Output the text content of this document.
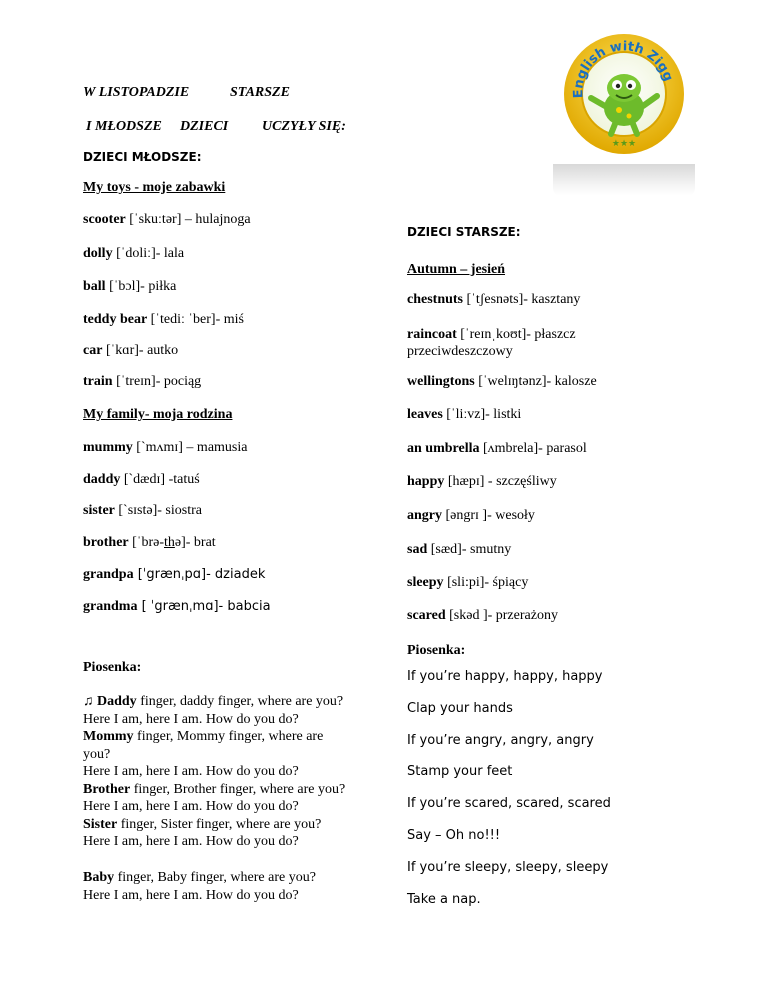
W LISTOPADZIE	STARSZE
I MŁODSZE DZIECI UCZYŁY SIĘ:
English with Zigg
★★★
DZIECI MŁODSZE:
My toys - moje zabawki
scooter [ˈskuːtər] – hulajnoga
dolly [ˈdoliː]- lala
ball [ˈbɔl]- piłka
teddy bear [ˈtediː ˈber]- miś
car [ˈkɑr]- autko
train [ˈtreɪn]- pociąg
My family- moja rodzina
mummy [`mʌmɪ] – mamusia
daddy [`dædɪ] -tatuś
sister [`sɪstə]- siostra
brother [ˈbrə-thə]- brat
grandpa [ˈgrænˌpɑ]- dziadek
grandma [ ˈgrænˌmɑ]- babcia
Piosenka:
♫ Daddy finger, daddy finger, where are you?
Here I am, here I am. How do you do?
Mommy finger, Mommy finger, where are
you?
Here I am, here I am. How do you do?
Brother finger, Brother finger, where are you?
Here I am, here I am. How do you do?
Sister finger, Sister finger, where are you?
Here I am, here I am. How do you do?
Baby finger, Baby finger, where are you?
Here I am, here I am. How do you do?
DZIECI STARSZE:
Autumn – jesień
chestnuts [ˈtʃesnəts]- kasztany
raincoat [ˈreɪnˌkoʊt]- płaszcz
przeciwdeszczowy
wellingtons [ˈwelɪŋtənz]- kalosze
leaves [ˈliːvz]- listki
an umbrella [ʌmbrela]- parasol
happy [hæpɪ] - szczęśliwy
angry [əngrɪ ]- wesoły
sad [sæd]- smutny
sleepy [sli:pi]- śpiący
scared [skəd ]- przerażony
Piosenka:
If you’re happy, happy, happy
Clap your hands
If you’re angry, angry, angry
Stamp your feet
If you’re scared, scared, scared
Say – Oh no!!!
If you’re sleepy, sleepy, sleepy
Take a nap.
